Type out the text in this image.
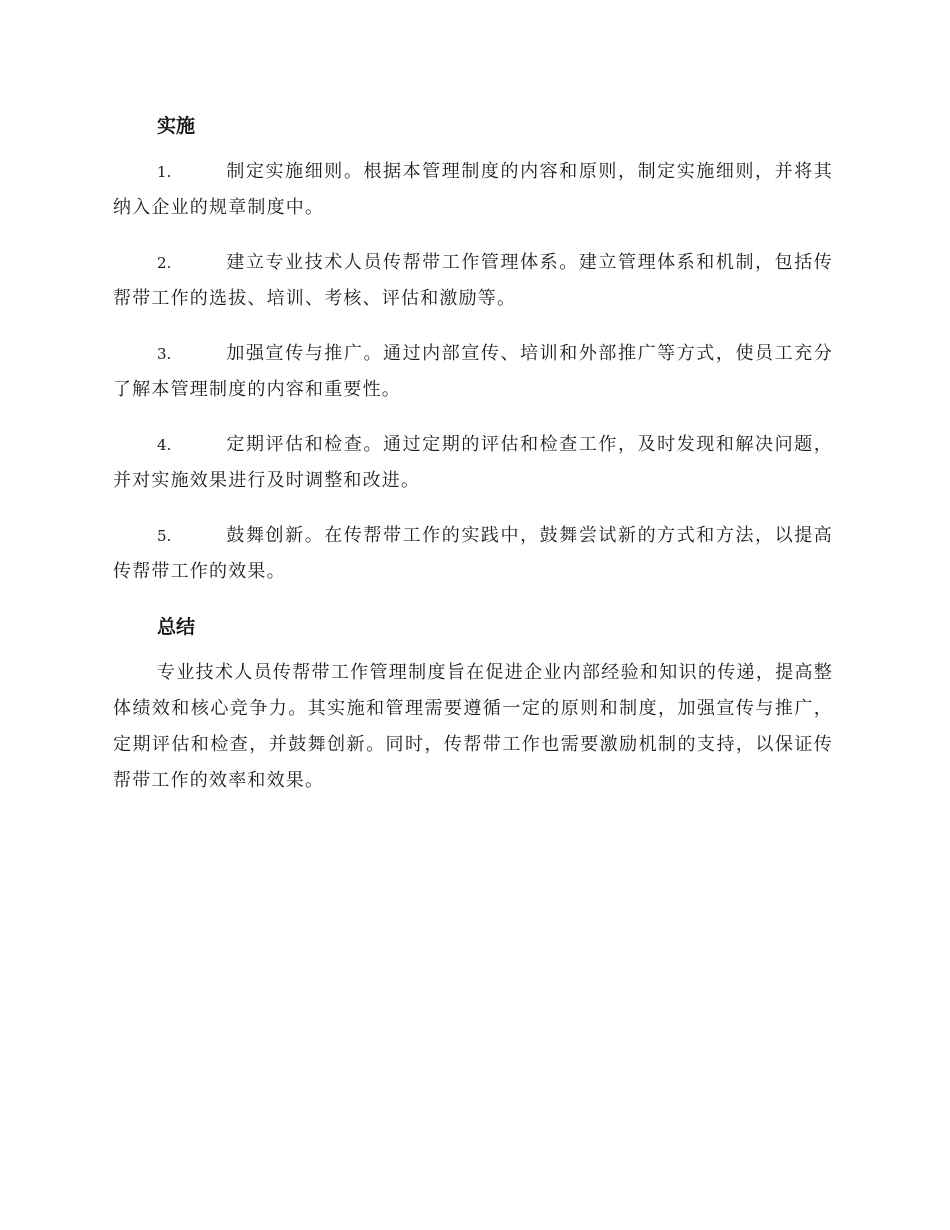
实施
1.	制定实施细则。根据本管理制度的内容和原则，制定实施细则，并将其纳入企业的规章制度中。
2.	建立专业技术人员传帮带工作管理体系。建立管理体系和机制，包括传帮带工作的选拔、培训、考核、评估和激励等。
3.	加强宣传与推广。通过内部宣传、培训和外部推广等方式，使员工充分了解本管理制度的内容和重要性。
4.	定期评估和检查。通过定期的评估和检查工作，及时发现和解决问题，并对实施效果进行及时调整和改进。
5.	鼓舞创新。在传帮带工作的实践中，鼓舞尝试新的方式和方法，以提高传帮带工作的效果。
总结

专业技术人员传帮带工作管理制度旨在促进企业内部经验和知识的传递，提高整体绩效和核心竞争力。其实施和管理需要遵循一定的原则和制度，加强宣传与推广，定期评估和检查，并鼓舞创新。同时，传帮带工作也需要激励机制的支持，以保证传帮带工作的效率和效果。
